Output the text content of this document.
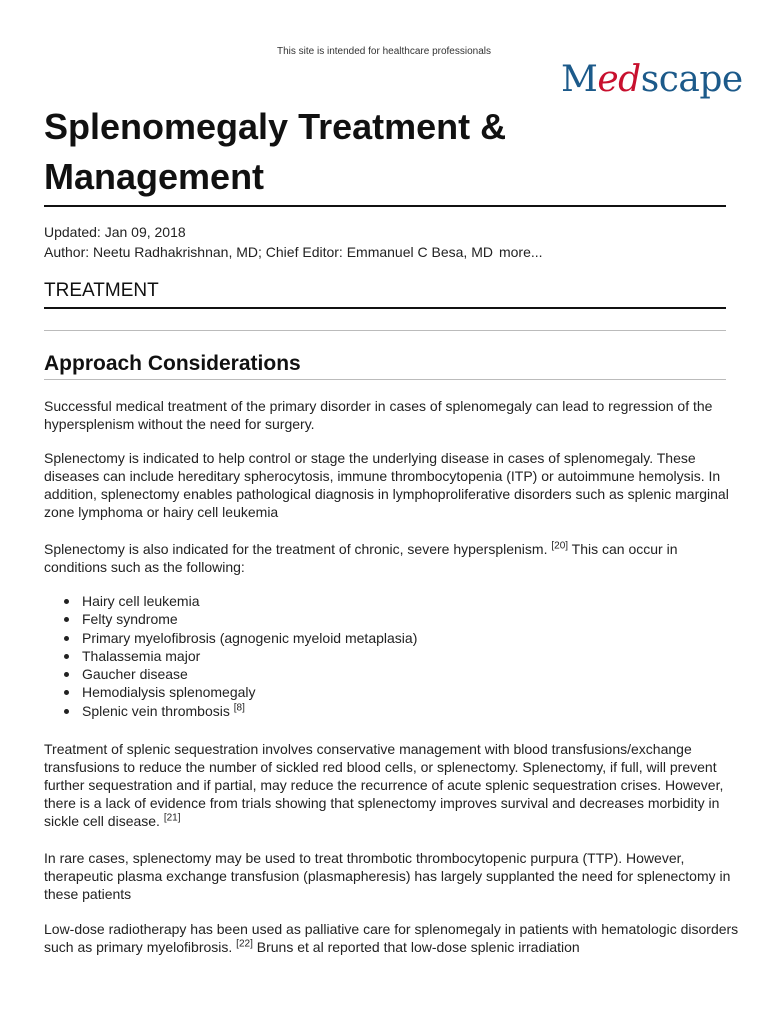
This site is intended for healthcare professionals
Medscape
Splenomegaly Treatment & Management
Updated: Jan 09, 2018
Author: Neetu Radhakrishnan, MD; Chief Editor: Emmanuel C Besa, MD more...
TREATMENT
Approach Considerations

Successful medical treatment of the primary disorder in cases of splenomegaly can lead to regression of the hypersplenism without the need for surgery.

Splenectomy is indicated to help control or stage the underlying disease in cases of splenomegaly. These diseases can include hereditary spherocytosis, immune thrombocytopenia (ITP) or autoimmune hemolysis. In addition, splenectomy enables pathological diagnosis in lymphoproliferative disorders such as splenic marginal zone lymphoma or hairy cell leukemia

Splenectomy is also indicated for the treatment of chronic, severe hypersplenism. [20] This can occur in conditions such as the following:

Hairy cell leukemia
Felty syndrome
Primary myelofibrosis (agnogenic myeloid metaplasia)
Thalassemia major
Gaucher disease
Hemodialysis splenomegaly
Splenic vein thrombosis [8]

Treatment of splenic sequestration involves conservative management with blood transfusions/exchange transfusions to reduce the number of sickled red blood cells, or splenectomy. Splenectomy, if full, will prevent further sequestration and if partial, may reduce the recurrence of acute splenic sequestration crises. However, there is a lack of evidence from trials showing that splenectomy improves survival and decreases morbidity in sickle cell disease. [21]

In rare cases, splenectomy may be used to treat thrombotic thrombocytopenic purpura (TTP). However, therapeutic plasma exchange transfusion (plasmapheresis) has largely supplanted the need for splenectomy in these patients

Low-dose radiotherapy has been used as palliative care for splenomegaly in patients with hematologic disorders such as primary myelofibrosis. [22] Bruns et al reported that low-dose splenic irradiation
